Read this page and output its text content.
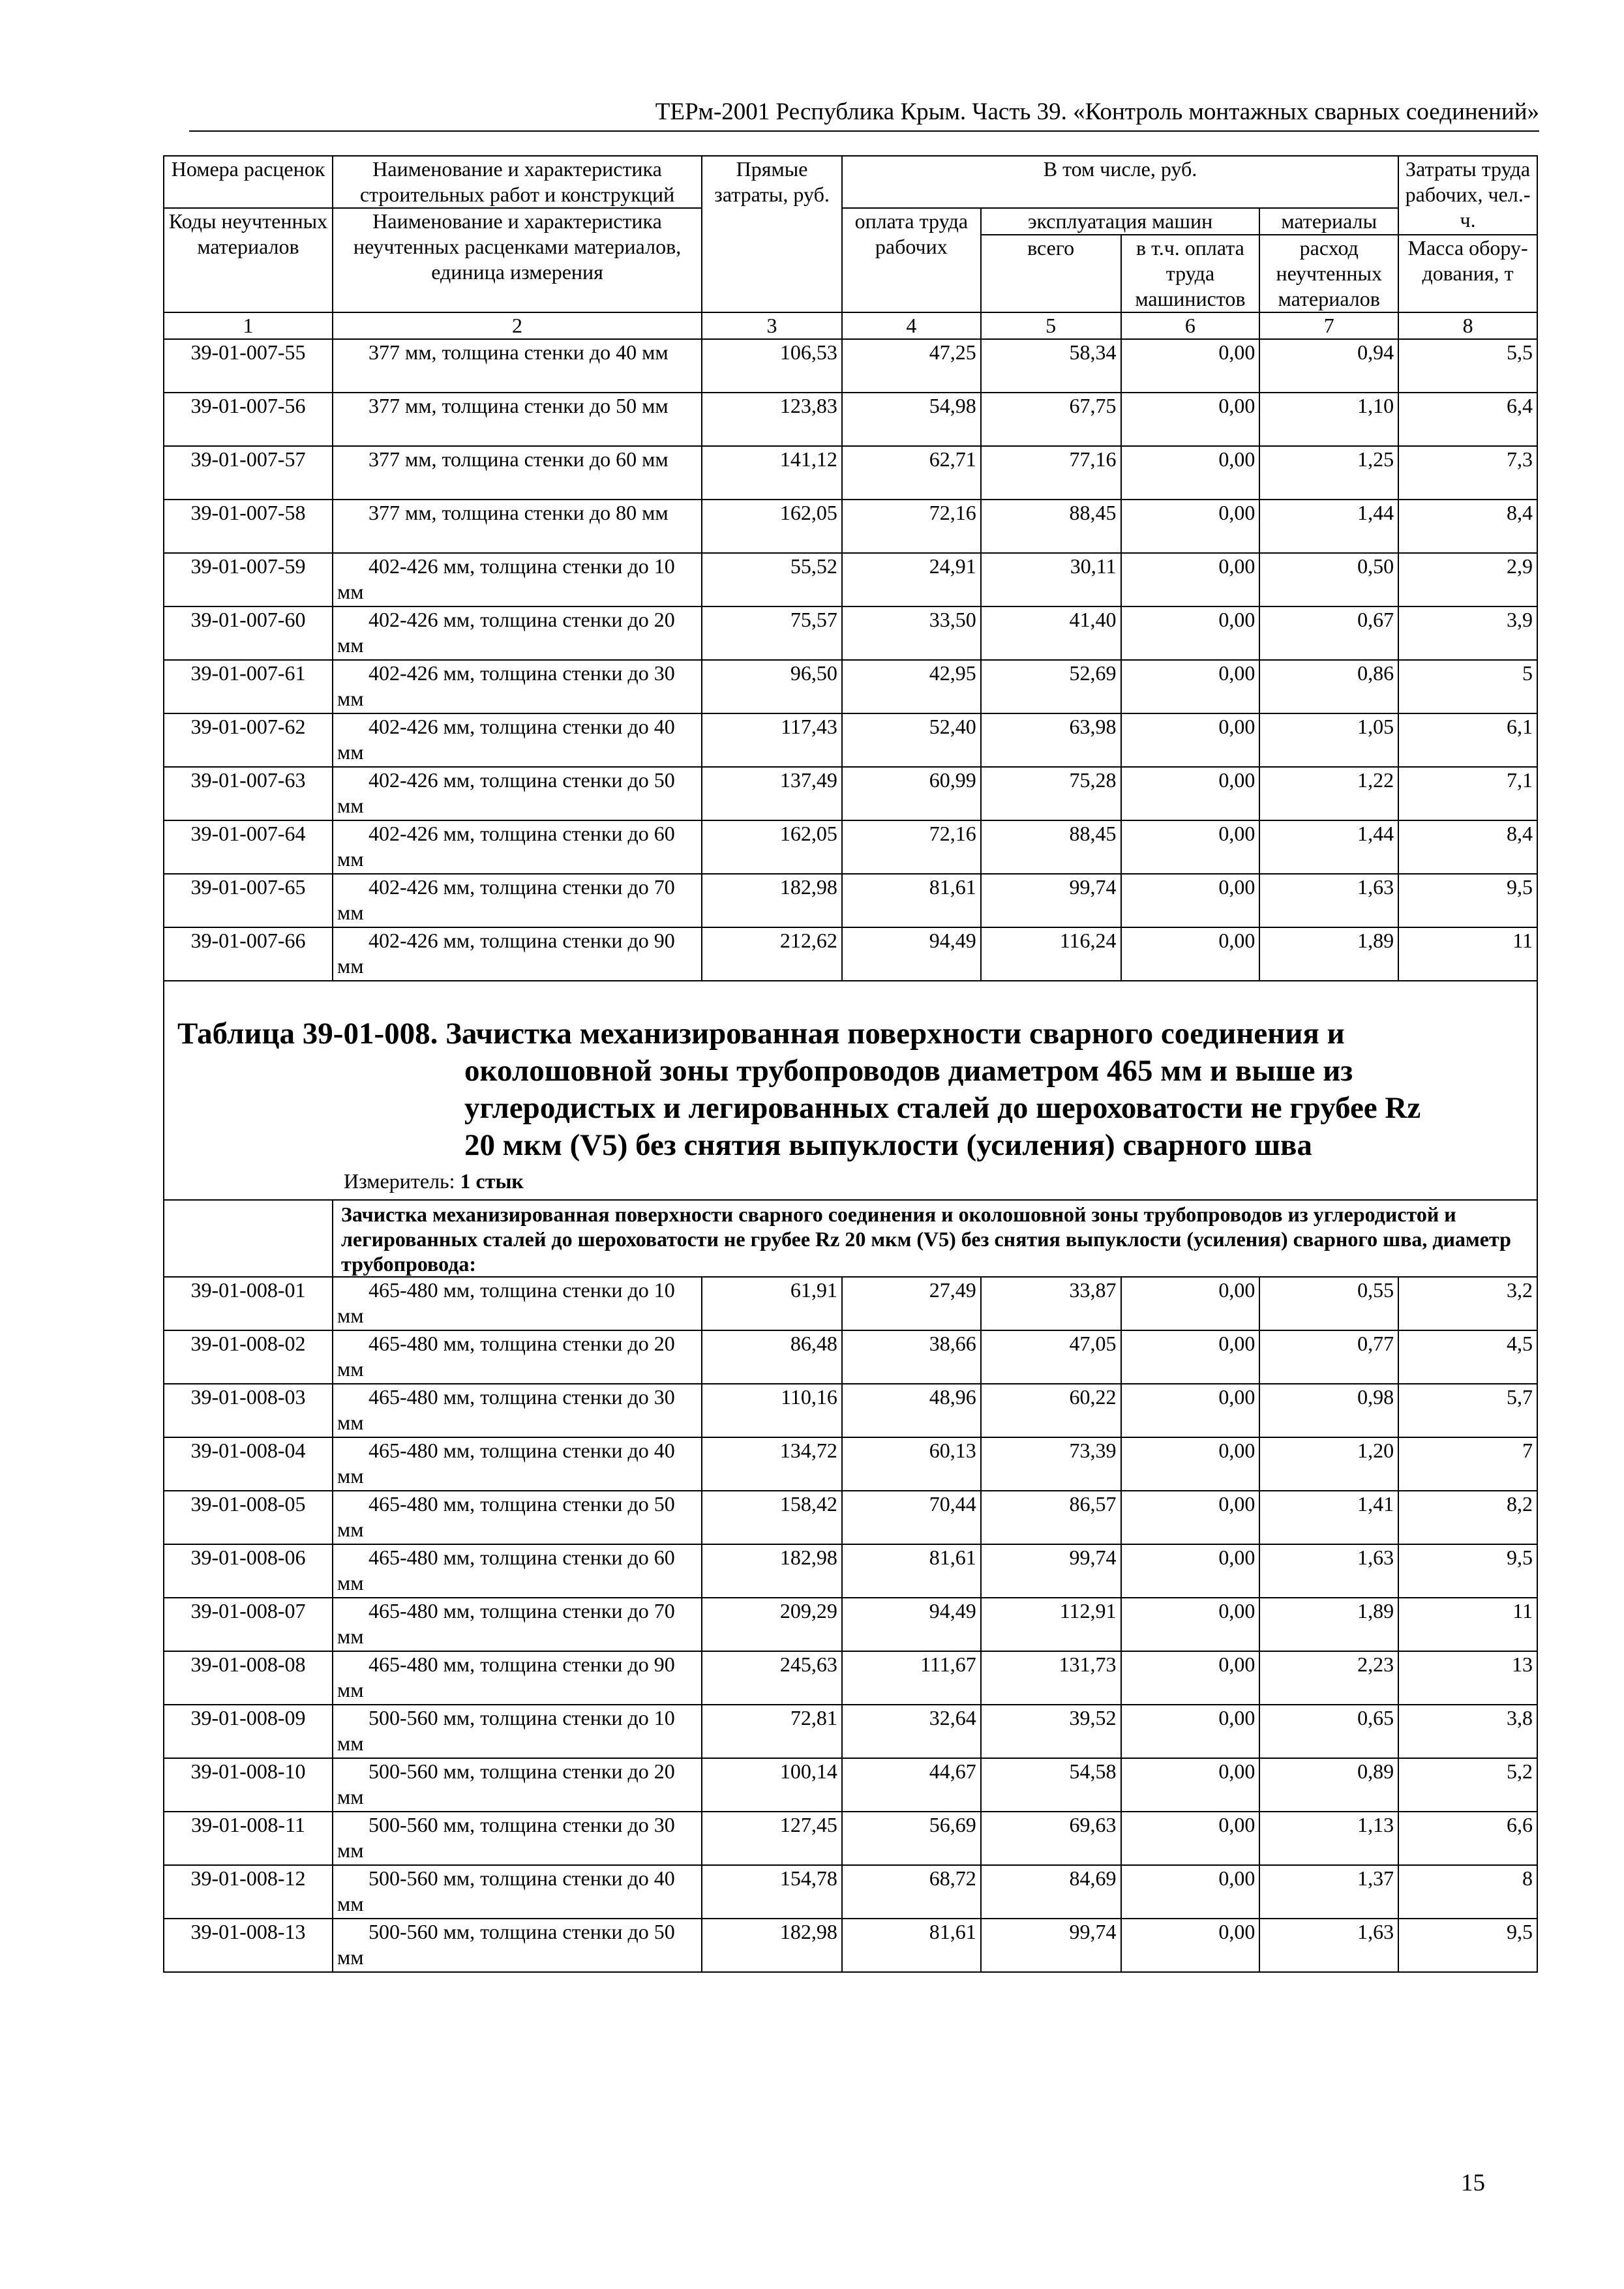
ТЕРм-2001 Республика Крым. Часть 39. «Контроль монтажных сварных соединений»
Номера расценок	Наименование и характеристика строительных работ и конструкций	Прямые затраты, руб.	В том числе, руб.				Затраты труда рабочих, чел.-ч.
Коды неучтенных материалов	Наименование и характеристика неучтенных расценками материалов, единица измерения		оплата труда рабочих	эксплуатация машин		материалы	
				всего	в т.ч. оплата труда машинистов	расход неучтенных материалов	Масса обору-дования, т
1	2	3	4	5	6	7	8
39-01-007-55	377 мм, толщина стенки до 40 мм	106,53	47,25	58,34	0,00	0,94	5,5
39-01-007-56	377 мм, толщина стенки до 50 мм	123,83	54,98	67,75	0,00	1,10	6,4
39-01-007-57	377 мм, толщина стенки до 60 мм	141,12	62,71	77,16	0,00	1,25	7,3
39-01-007-58	377 мм, толщина стенки до 80 мм	162,05	72,16	88,45	0,00	1,44	8,4
39-01-007-59	402-426 мм, толщина стенки до 10 мм	55,52	24,91	30,11	0,00	0,50	2,9
39-01-007-60	402-426 мм, толщина стенки до 20 мм	75,57	33,50	41,40	0,00	0,67	3,9
39-01-007-61	402-426 мм, толщина стенки до 30 мм	96,50	42,95	52,69	0,00	0,86	5
39-01-007-62	402-426 мм, толщина стенки до 40 мм	117,43	52,40	63,98	0,00	1,05	6,1
39-01-007-63	402-426 мм, толщина стенки до 50 мм	137,49	60,99	75,28	0,00	1,22	7,1
39-01-007-64	402-426 мм, толщина стенки до 60 мм	162,05	72,16	88,45	0,00	1,44	8,4
39-01-007-65	402-426 мм, толщина стенки до 70 мм	182,98	81,61	99,74	0,00	1,63	9,5
39-01-007-66	402-426 мм, толщина стенки до 90 мм	212,62	94,49	116,24	0,00	1,89	11

Таблица 39-01-008. Зачистка механизированная поверхности сварного соединения и
околошовной зоны трубопроводов диаметром 465 мм и выше из
углеродистых и легированных сталей до шероховатости не грубее Rz
20 мкм (V5) без снятия выпуклости (усиления) сварного шва
Измеритель: 1 стык							

	Зачистка механизированная поверхности сварного соединения и околошовной зоны трубопроводов из углеродистой и легированных сталей до шероховатости не грубее Rz 20 мкм (V5) без снятия выпуклости (усиления) сварного шва, диаметр трубопровода:						
39-01-008-01	465-480 мм, толщина стенки до 10 мм	61,91	27,49	33,87	0,00	0,55	3,2
39-01-008-02	465-480 мм, толщина стенки до 20 мм	86,48	38,66	47,05	0,00	0,77	4,5
39-01-008-03	465-480 мм, толщина стенки до 30 мм	110,16	48,96	60,22	0,00	0,98	5,7
39-01-008-04	465-480 мм, толщина стенки до 40 мм	134,72	60,13	73,39	0,00	1,20	7
39-01-008-05	465-480 мм, толщина стенки до 50 мм	158,42	70,44	86,57	0,00	1,41	8,2
39-01-008-06	465-480 мм, толщина стенки до 60 мм	182,98	81,61	99,74	0,00	1,63	9,5
39-01-008-07	465-480 мм, толщина стенки до 70 мм	209,29	94,49	112,91	0,00	1,89	11
39-01-008-08	465-480 мм, толщина стенки до 90 мм	245,63	111,67	131,73	0,00	2,23	13
39-01-008-09	500-560 мм, толщина стенки до 10 мм	72,81	32,64	39,52	0,00	0,65	3,8
39-01-008-10	500-560 мм, толщина стенки до 20 мм	100,14	44,67	54,58	0,00	0,89	5,2
39-01-008-11	500-560 мм, толщина стенки до 30 мм	127,45	56,69	69,63	0,00	1,13	6,6
39-01-008-12	500-560 мм, толщина стенки до 40 мм	154,78	68,72	84,69	0,00	1,37	8
39-01-008-13	500-560 мм, толщина стенки до 50 мм	182,98	81,61	99,74	0,00	1,63	9,5
15
